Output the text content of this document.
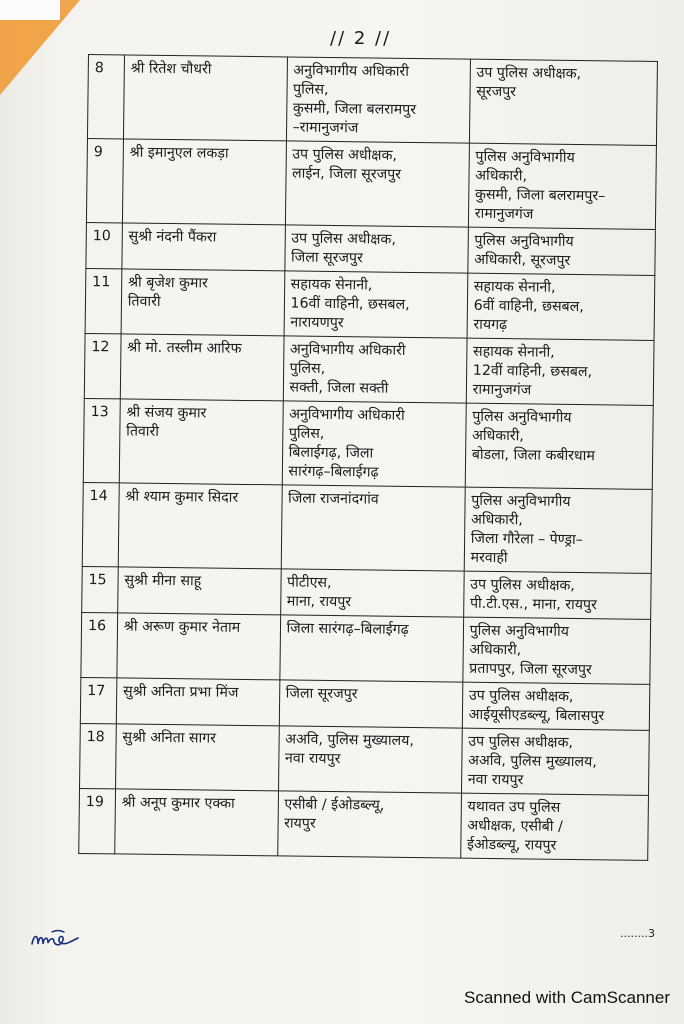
// 2 //
8	श्री रितेश चौधरी	अनुविभागीय अधिकारी
पुलिस,
कुसमी, जिला बलरामपुर
–रामानुजगंज	उप पुलिस अधीक्षक,
सूरजपुर

9	श्री इमानुएल लकड़ा	उप पुलिस अधीक्षक,
लाईन, जिला सूरजपुर	पुलिस अनुविभागीय
अधिकारी,
कुसमी, जिला बलरामपुर–
रामानुजगंज

10	सुश्री नंदनी पैंकरा	उप पुलिस अधीक्षक,
जिला सूरजपुर	पुलिस अनुविभागीय
अधिकारी, सूरजपुर

11	श्री बृजेश कुमार
तिवारी	सहायक सेनानी,
16वीं वाहिनी, छसबल,
नारायणपुर	सहायक सेनानी,
6वीं वाहिनी, छसबल,
रायगढ़

12	श्री मो. तस्लीम आरिफ	अनुविभागीय अधिकारी
पुलिस,
सक्ती, जिला सक्ती	सहायक सेनानी,
12वीं वाहिनी, छसबल,
रामानुजगंज

13	श्री संजय कुमार
तिवारी	अनुविभागीय अधिकारी
पुलिस,
बिलाईगढ़, जिला
सारंगढ़–बिलाईगढ़	पुलिस अनुविभागीय
अधिकारी,
बोडला, जिला कबीरधाम

14	श्री श्याम कुमार सिदार	जिला राजनांदगांव	पुलिस अनुविभागीय
अधिकारी,
जिला गौरेला – पेण्ड्रा–
मरवाही

15	सुश्री मीना साहू	पीटीएस,
माना, रायपुर	उप पुलिस अधीक्षक,
पी.टी.एस., माना, रायपुर

16	श्री अरूण कुमार नेताम	जिला सारंगढ़–बिलाईगढ़	पुलिस अनुविभागीय
अधिकारी,
प्रतापपुर, जिला सूरजपुर

17	सुश्री अनिता प्रभा मिंज	जिला सूरजपुर	उप पुलिस अधीक्षक,
आईयूसीएडब्ल्यू, बिलासपुर

18	सुश्री अनिता सागर	अअवि, पुलिस मुख्यालय,
नवा रायपुर	उप पुलिस अधीक्षक,
अअवि, पुलिस मुख्यालय,
नवा रायपुर

19	श्री अनूप कुमार एक्का	एसीबी / ईओडब्ल्यू,
रायपुर	यथावत उप पुलिस
अधीक्षक, एसीबी /
ईओडब्ल्यू, रायपुर
........3
Scanned with CamScanner
